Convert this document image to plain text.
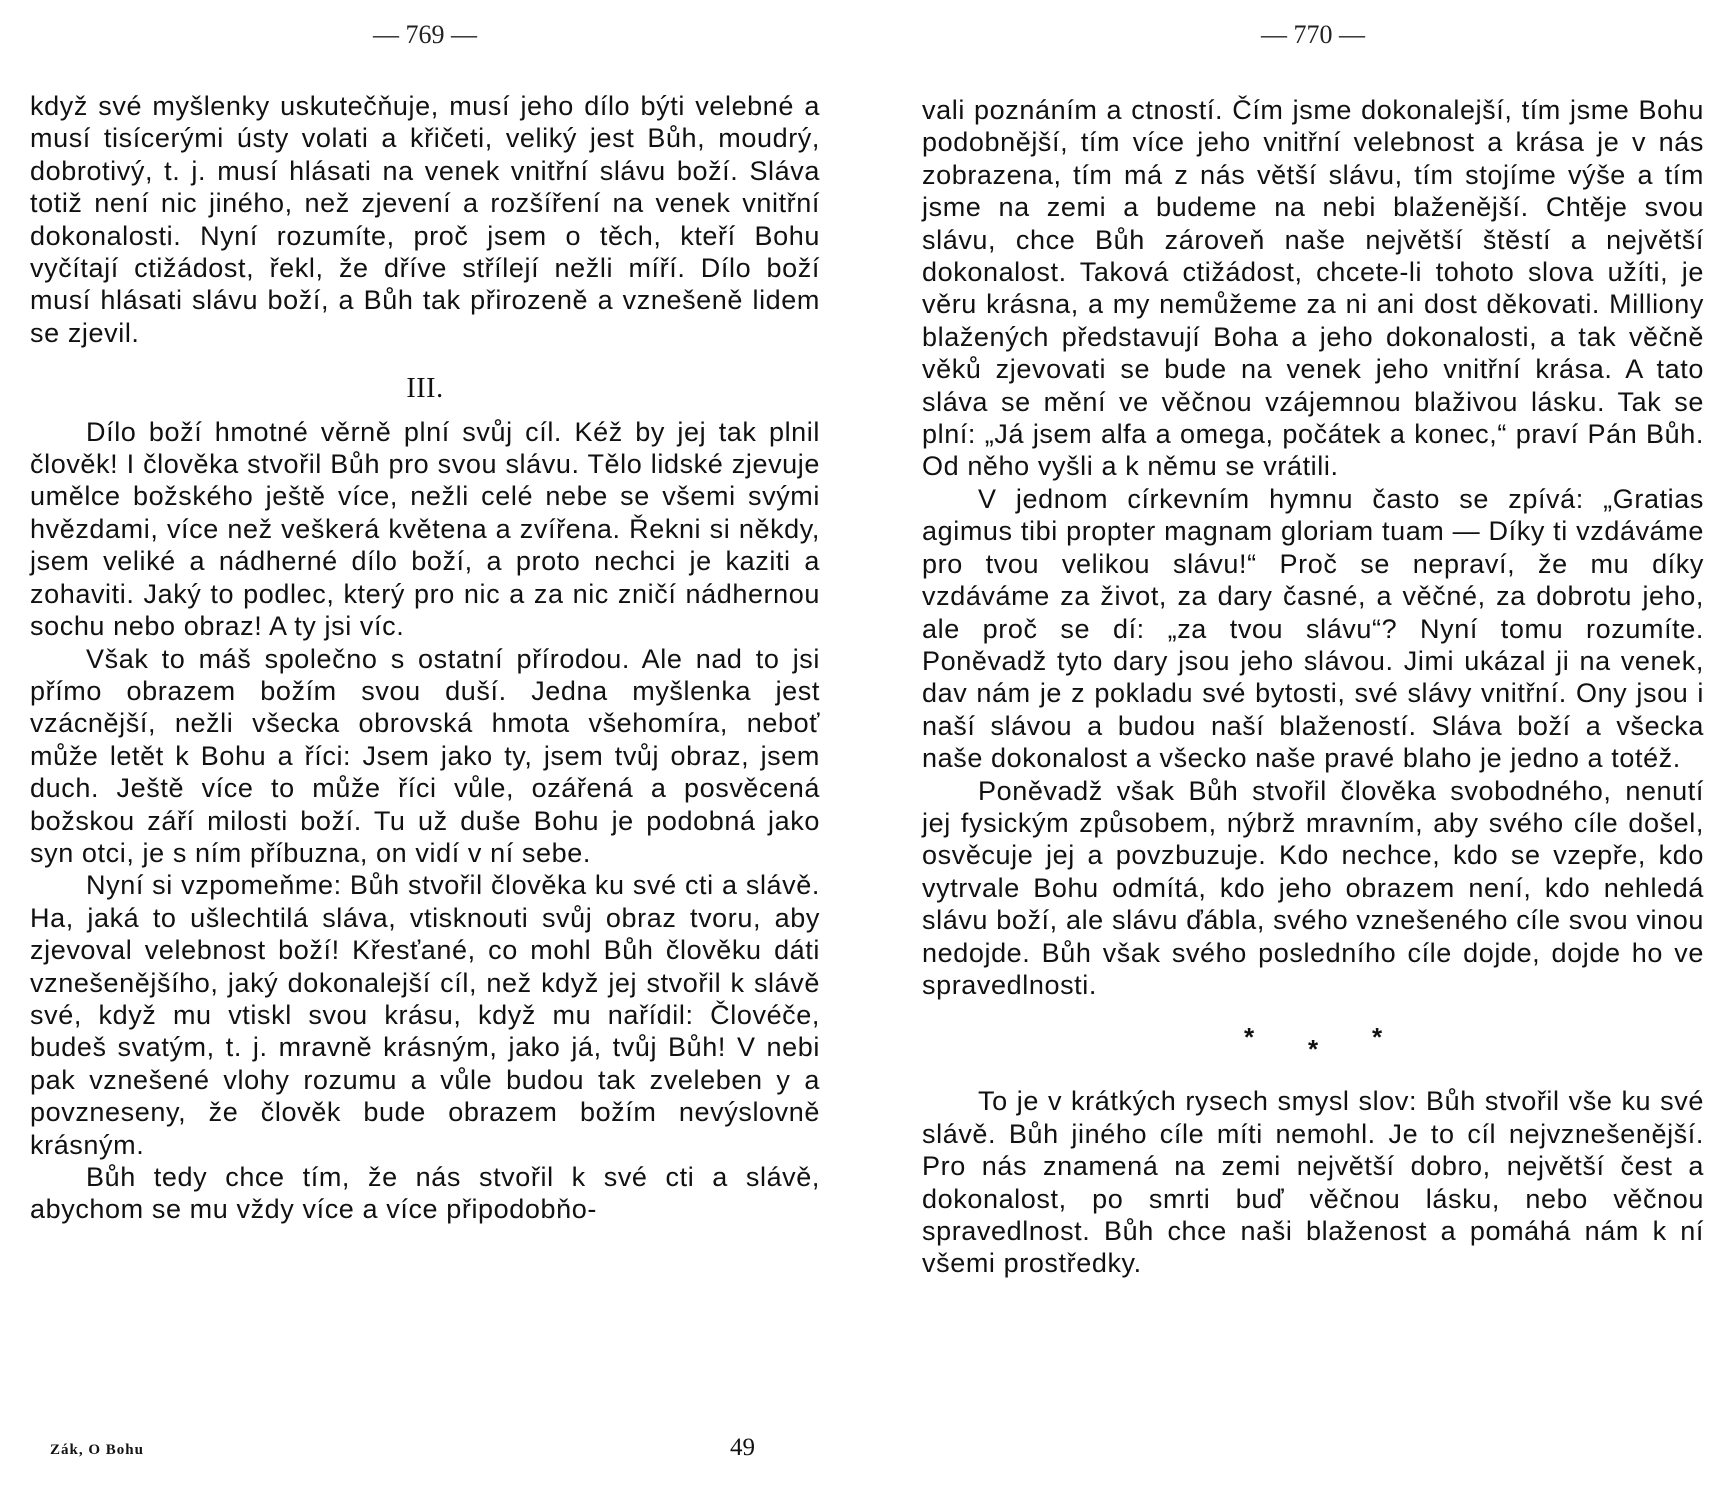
— 769 —

když své myšlenky uskutečňuje, musí jeho dílo býti velebné a musí tisícerými ústy volati a křičeti, veliký jest Bůh, moudrý, dobrotivý, t. j. musí hlásati na venek vnitřní slávu boží. Sláva totiž není nic jiného, než zjevení a rozšíření na venek vnitřní dokonalosti. Nyní rozumíte, proč jsem o těch, kteří Bohu vyčítají ctižádost, řekl, že dříve střílejí nežli míří. Dílo boží musí hlásati slávu boží, a Bůh tak přirozeně a vznešeně lidem se zjevil.

III.

Dílo boží hmotné věrně plní svůj cíl. Kéž by jej tak plnil člověk! I člověka stvořil Bůh pro svou slávu. Tělo lidské zjevuje umělce božského ještě více, nežli celé nebe se všemi svými hvězdami, více než veškerá květena a zvířena. Řekni si někdy, jsem veliké a nádherné dílo boží, a proto nechci je kaziti a zohaviti. Jaký to podlec, který pro nic a za nic zničí nádhernou sochu nebo obraz! A ty jsi víc.

Však to máš společno s ostatní přírodou. Ale nad to jsi přímo obrazem božím svou duší. Jedna myšlenka jest vzácnější, nežli všecka obrovská hmota všehomíra, neboť může letět k Bohu a říci: Jsem jako ty, jsem tvůj obraz, jsem duch. Ještě více to může říci vůle, ozářená a posvěcená božskou září milosti boží. Tu už duše Bohu je podobná jako syn otci, je s ním příbuzna, on vidí v ní sebe.

Nyní si vzpomeňme: Bůh stvořil člověka ku své cti a slávě. Ha, jaká to ušlechtilá sláva, vtisknouti svůj obraz tvoru, aby zjevoval velebnost boží! Křesťané, co mohl Bůh člověku dáti vznešenějšího, jaký dokonalejší cíl, než když jej stvořil k slávě své, když mu vtiskl svou krásu, když mu nařídil: Človéče, budeš svatým, t. j. mravně krásným, jako já, tvůj Bůh! V nebi pak vznešené vlohy rozumu a vůle budou tak zveleben y a povzneseny, že člověk bude obrazem božím nevýslovně krásným.

Bůh tedy chce tím, že nás stvořil k své cti a slávě, abychom se mu vždy více a více připodobňo-

Zák, O Bohu	49
— 770 —

vali poznáním a ctností. Čím jsme dokonalejší, tím jsme Bohu podobnější, tím více jeho vnitřní velebnost a krása je v nás zobrazena, tím má z nás větší slávu, tím stojíme výše a tím jsme na zemi a budeme na nebi blaženější. Chtěje svou slávu, chce Bůh zároveň naše největší štěstí a největší dokonalost. Taková ctižádost, chcete-li tohoto slova užíti, je věru krásna, a my nemůžeme za ni ani dost děkovati. Milliony blažených představují Boha a jeho dokonalosti, a tak věčně věků zjevovati se bude na venek jeho vnitřní krása. A tato sláva se mění ve věčnou vzájemnou blaživou lásku. Tak se plní: „Já jsem alfa a omega, počátek a konec,“ praví Pán Bůh. Od něho vyšli a k němu se vrátili.

V jednom církevním hymnu často se zpívá: „Gratias agimus tibi propter magnam gloriam tuam — Díky ti vzdáváme pro tvou velikou slávu!“ Proč se nepraví, že mu díky vzdáváme za život, za dary časné, a věčné, za dobrotu jeho, ale proč se dí: „za tvou slávu“? Nyní tomu rozumíte. Poněvadž tyto dary jsou jeho slávou. Jimi ukázal ji na venek, dav nám je z pokladu své bytosti, své slávy vnitřní. Ony jsou i naší slávou a budou naší blažeností. Sláva boží a všecka naše dokonalost a všecko naše pravé blaho je jedno a totéž.

Poněvadž však Bůh stvořil člověka svobodného, nenutí jej fysickým způsobem, nýbrž mravním, aby svého cíle došel, osvěcuje jej a povzbuzuje. Kdo nechce, kdo se vzepře, kdo vytrvale Bohu odmítá, kdo jeho obrazem není, kdo nehledá slávu boží, ale slávu ďábla, svého vznešeného cíle svou vinou nedojde. Bůh však svého posledního cíle dojde, dojde ho ve spravedlnosti.

* * *

To je v krátkých rysech smysl slov: Bůh stvořil vše ku své slávě. Bůh jiného cíle míti nemohl. Je to cíl nejvznešenější. Pro nás znamená na zemi největší dobro, největší čest a dokonalost, po smrti buď věčnou lásku, nebo věčnou spravedlnost. Bůh chce naši blaženost a pomáhá nám k ní všemi prostředky.
